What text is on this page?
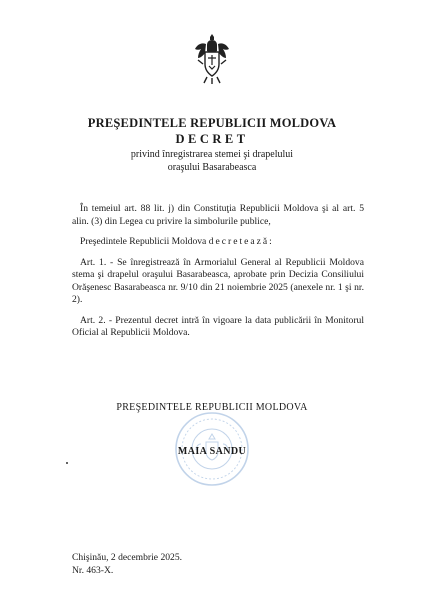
PREŞEDINTELE REPUBLICII MOLDOVA
DECRET
privind înregistrarea stemei şi drapelului
oraşului Basarabeasca

În temeiul art. 88 lit. j) din Constituţia Republicii Moldova şi al art. 5 alin. (3) din Legea cu privire la simbolurile publice,

Preşedintele Republicii Moldova decretează:

Art. 1. - Se înregistrează în Armorialul General al Republicii Moldova stema şi drapelul oraşului Basarabeasca, aprobate prin Decizia Consiliului Orăşenesc Basarabeasca nr. 9/10 din 21 noiembrie 2025 (anexele nr. 1 şi nr. 2).

Art. 2. - Prezentul decret intră în vigoare la data publicării în Monitorul Oficial al Republicii Moldova.

PREŞEDINTELE REPUBLICII MOLDOVA
MAIA SANDU
Chişinău, 2 decembrie 2025.
Nr. 463-X.
